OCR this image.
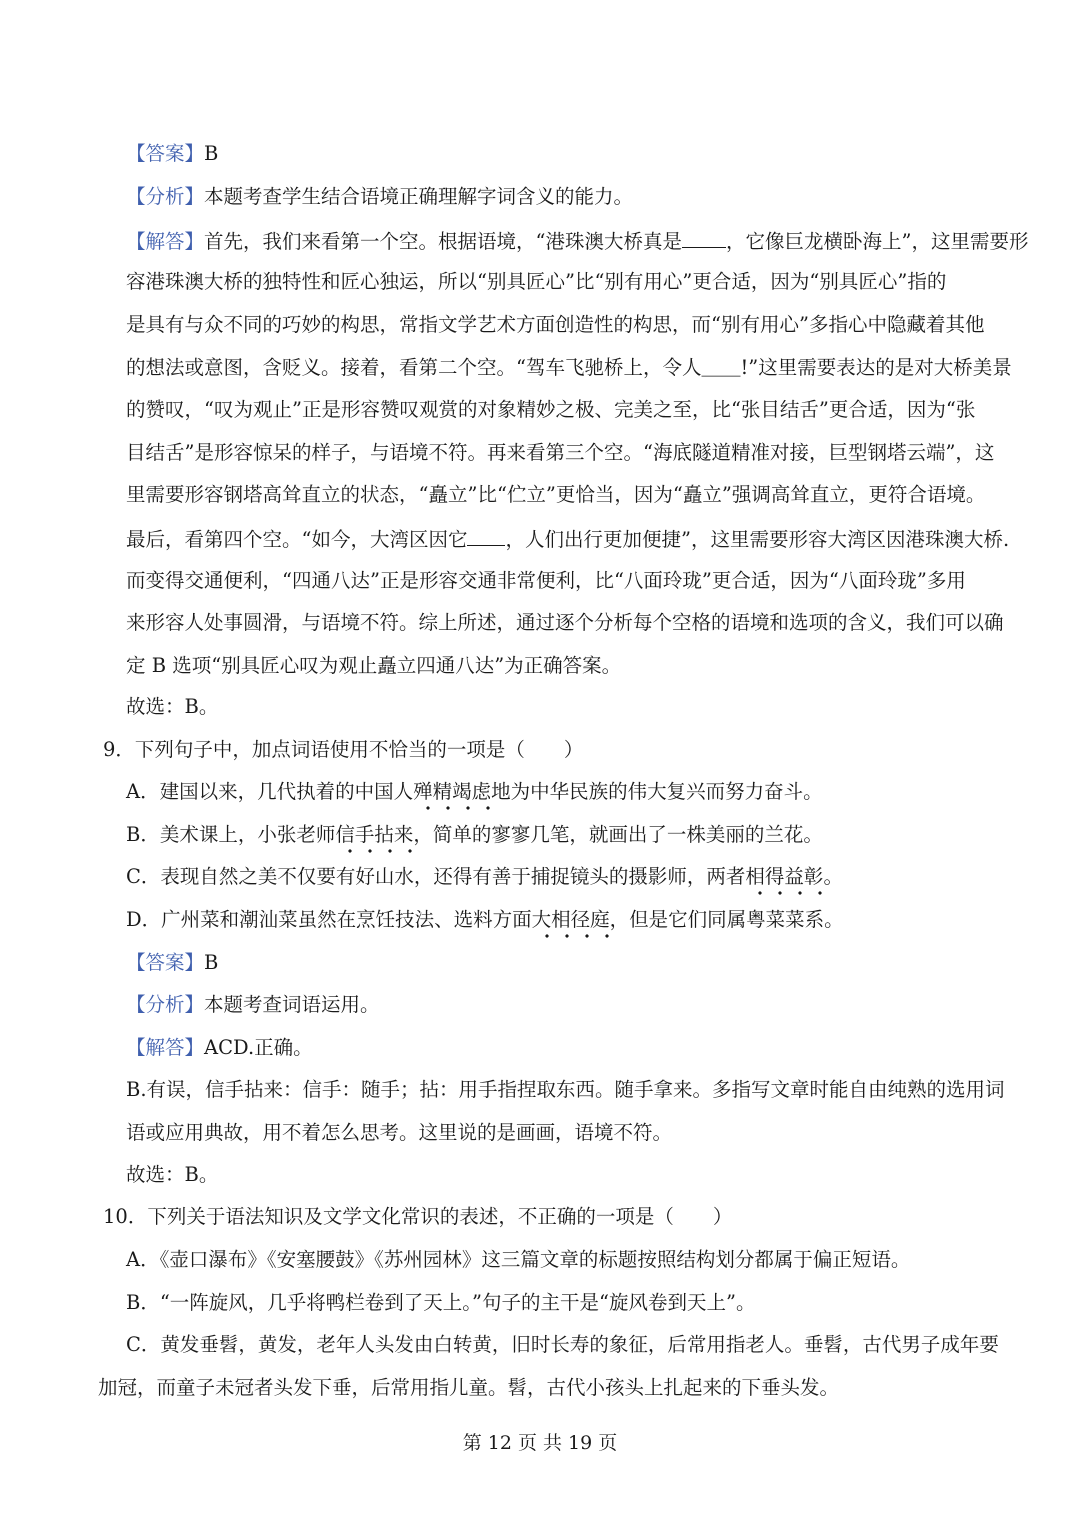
【答案】B
【分析】本题考查学生结合语境正确理解字词含义的能力。
【解答】首先，我们来看第一个空。根据语境，“港珠澳大桥真是 ，它像巨龙横卧海上”，这里需要形
容港珠澳大桥的独特性和匠心独运，所以“别具匠心”比“别有用心”更合适，因为“别具匠心”指的
是具有与众不同的巧妙的构思，常指文学艺术方面创造性的构思，而“别有用心”多指心中隐藏着其他
的想法或意图，含贬义。接着，看第二个空。“驾车飞驰桥上，令人＿＿!”这里需要表达的是对大桥美景
的赞叹，“叹为观止”正是形容赞叹观赏的对象精妙之极、完美之至，比“张目结舌”更合适，因为“张
目结舌”是形容惊呆的样子，与语境不符。再来看第三个空。“海底隧道精准对接，巨型钢塔云端”，这
里需要形容钢塔高耸直立的状态，“矗立”比“伫立”更恰当，因为“矗立”强调高耸直立，更符合语境。
最后，看第四个空。“如今，大湾区因它 ，人们出行更加便捷”，这里需要形容大湾区因港珠澳大桥.
而变得交通便利，“四通八达”正是形容交通非常便利，比“八面玲珑”更合适，因为“八面玲珑”多用
来形容人处事圆滑，与语境不符。综上所述，通过逐个分析每个空格的语境和选项的含义，我们可以确
定 B 选项“别具匠心叹为观止矗立四通八达”为正确答案。
故选：B。
9．下列句子中，加点词语使用不恰当的一项是（　　）
A．建国以来，几代执着的中国人殚精竭虑地为中华民族的伟大复兴而努力奋斗。
B．美术课上，小张老师信手拈来，简单的寥寥几笔，就画出了一株美丽的兰花。
C．表现自然之美不仅要有好山水，还得有善于捕捉镜头的摄影师，两者相得益彰。
D．广州菜和潮汕菜虽然在烹饪技法、选料方面大相径庭，但是它们同属粤菜菜系。
【答案】B
【分析】本题考查词语运用。
【解答】ACD.正确。
B.有误，信手拈来：信手：随手；拈：用手指捏取东西。随手拿来。多指写文章时能自由纯熟的选用词
语或应用典故，用不着怎么思考。这里说的是画画，语境不符。
故选：B。
10．下列关于语法知识及文学文化常识的表述，不正确的一项是（　　）
A．《壶口瀑布》《安塞腰鼓》《苏州园林》这三篇文章的标题按照结构划分都属于偏正短语。
B．“一阵旋风，几乎将鸭栏卷到了天上。”句子的主干是“旋风卷到天上”。
C．黄发垂髫，黄发，老年人头发由白转黄，旧时长寿的象征，后常用指老人。垂髫，古代男子成年要
加冠，而童子未冠者头发下垂，后常用指儿童。髫，古代小孩头上扎起来的下垂头发。
第 12 页 共 19 页
